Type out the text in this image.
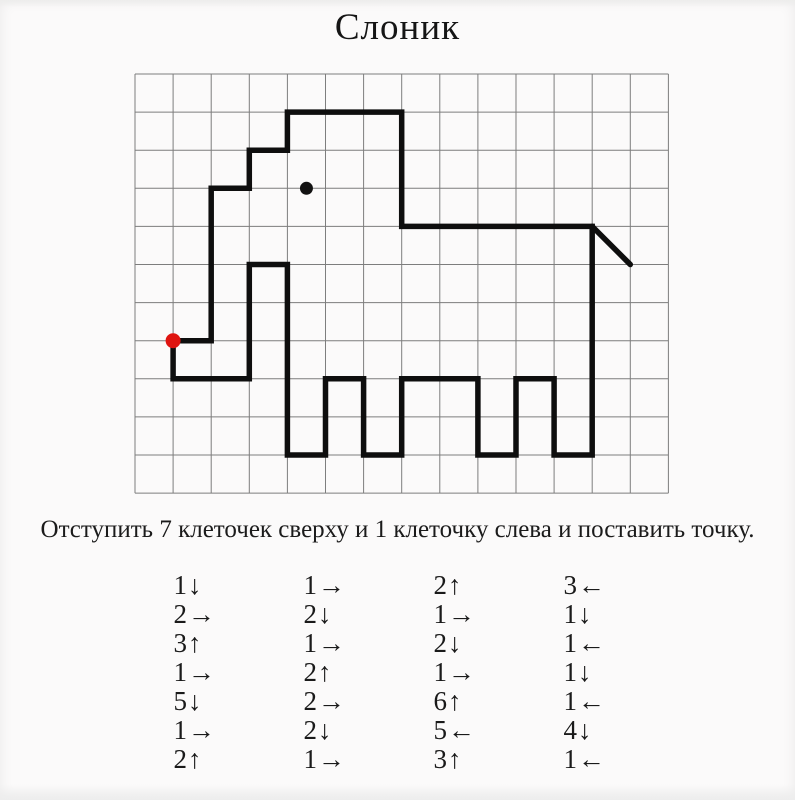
Слоник
Отступить 7 клеточек сверху и 1 клеточку слева и поставить точку.
1↓
2→
3↑
1→
5↓
1→
2↑
1→
2↓
1→
2↑
2→
2↓
1→
2↑
1→
2↓
1→
6↑
5←
3↑
3←
1↓
1←
1↓
1←
4↓
1←
